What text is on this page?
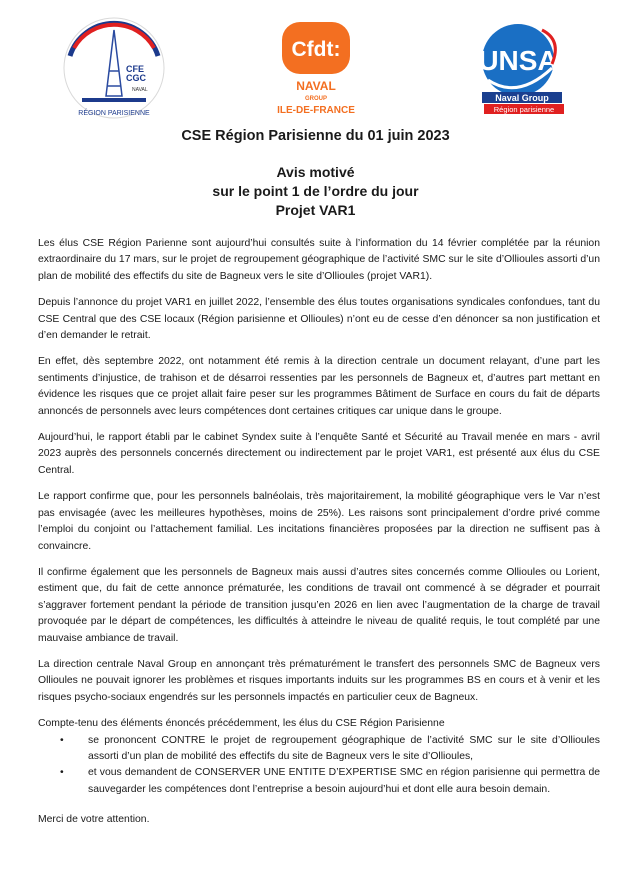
CFE
CGC
NAVAL
RÉGION PARISIENNE
Cfdt:
NAVAL
GROUP
ILE-DE-FRANCE
UNSA
Naval Group
Région parisienne
CSE Région Parisienne du 01 juin 2023
Avis motivé
sur le point 1 de l’ordre du jour
Projet VAR1

Les élus CSE Région Parienne sont aujourd’hui consultés suite à l’information du 14 février complétée par la réunion extraordinaire du 17 mars, sur le projet de regroupement géographique de l’activité SMC sur le site d’Ollioules assorti d’un plan de mobilité des effectifs du site de Bagneux vers le site d’Ollioules (projet VAR1).

Depuis l’annonce du projet VAR1 en juillet 2022, l’ensemble des élus toutes organisations syndicales confondues, tant du CSE Central que des CSE locaux (Région parisienne et Ollioules) n’ont eu de cesse d’en dénoncer sa non justification et d’en demander le retrait.

En effet, dès septembre 2022, ont notamment été remis à la direction centrale un document relayant, d’une part les sentiments d’injustice, de trahison et de désarroi ressenties par les personnels de Bagneux et, d’autres part mettant en évidence les risques que ce projet allait faire peser sur les programmes Bâtiment de Surface en cours du fait de départs annoncés de personnels avec leurs compétences dont certaines critiques car unique dans le groupe.

Aujourd’hui, le rapport établi par le cabinet Syndex suite à l’enquête Santé et Sécurité au Travail menée en mars - avril 2023 auprès des personnels concernés directement ou indirectement par le projet VAR1, est présenté aux élus du CSE Central.

Le rapport confirme que, pour les personnels balnéolais, très majoritairement, la mobilité géographique vers le Var n’est pas envisagée (avec les meilleures hypothèses, moins de 25%). Les raisons sont principalement d’ordre privé comme l’emploi du conjoint ou l’attachement familial. Les incitations financières proposées par la direction ne suffisent pas à convaincre.

Il confirme également que les personnels de Bagneux mais aussi d’autres sites concernés comme Ollioules ou Lorient, estiment que, du fait de cette annonce prématurée, les conditions de travail ont commencé à se dégrader et pourrait s’aggraver fortement pendant la période de transition jusqu’en 2026 en lien avec l’augmentation de la charge de travail provoquée par le départ de compétences, les difficultés à atteindre le niveau de qualité requis, le tout complété par une mauvaise ambiance de travail.

La direction centrale Naval Group en annonçant très prématurément le transfert des personnels SMC de Bagneux vers Ollioules ne pouvait ignorer les problèmes et risques importants induits sur les programmes BS en cours et à venir et les risques psycho-sociaux engendrés sur les personnels impactés en particulier ceux de Bagneux.

Compte-tenu des éléments énoncés précédemment, les élus du CSE Région Parisienne

• se prononcent CONTRE le projet de regroupement géographique de l’activité SMC sur le site d’Ollioules assorti d’un plan de mobilité des effectifs du site de Bagneux vers le site d’Ollioules,
• et vous demandent de CONSERVER UNE ENTITE D’EXPERTISE SMC en région parisienne qui permettra de sauvegarder les compétences dont l’entreprise a besoin aujourd’hui et dont elle aura besoin demain.

Merci de votre attention.
